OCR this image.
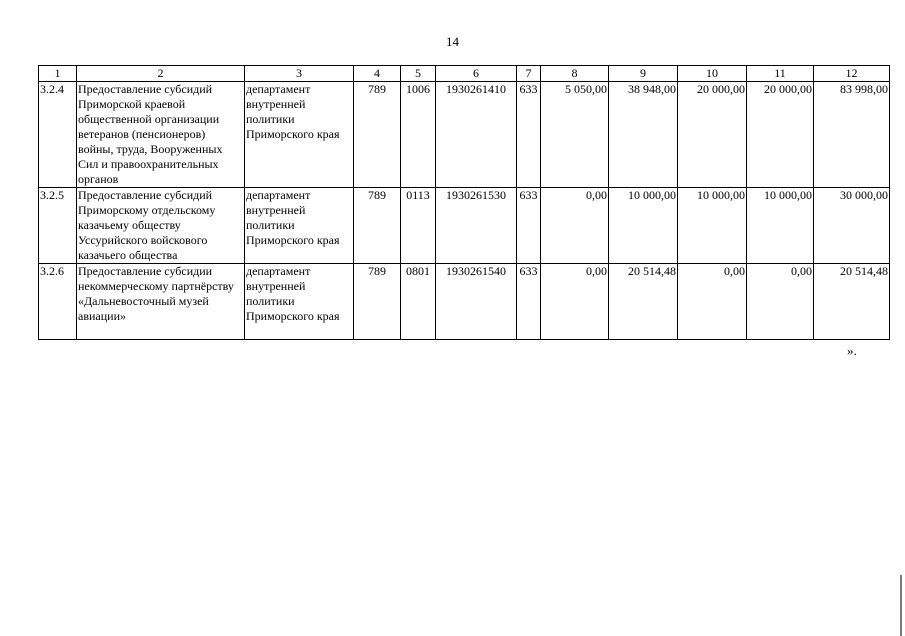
14
1	2	3	4	5	6	7	8	9	10	11	12
3.2.4	Предоставление субсидий Приморской краевой общественной организации ветеранов (пенсионеров) войны, труда, Вооруженных Сил и правоохранительных органов	департамент внутренней политики Приморского края	789	1006	1930261410	633	5 050,00	38 948,00	20 000,00	20 000,00	83 998,00
3.2.5	Предоставление субсидий Приморскому отдельскому казачьему обществу Уссурийского войскового казачьего общества	департамент внутренней политики Приморского края	789	0113	1930261530	633	0,00	10 000,00	10 000,00	10 000,00	30 000,00
3.2.6	Предоставление субсидии некоммерческому партнёрству «Дальневосточный музей авиации»	департамент внутренней политики Приморского края	789	0801	1930261540	633	0,00	20 514,48	0,00	0,00	20 514,48
».
